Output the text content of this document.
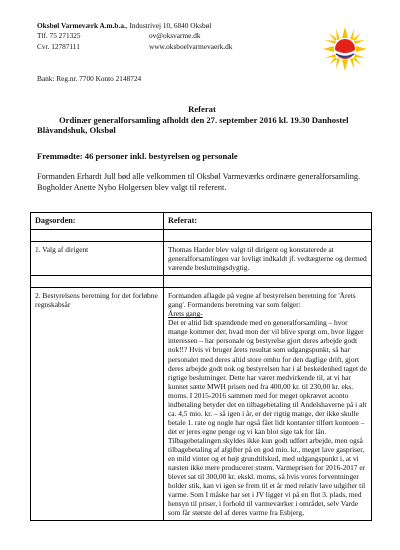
Oksbøl Varmeværk A.m.b.a., Industrivej 10, 6840 Oksbøl
Tlf. 75 271325
Cvr. 12787111
ov@oksvarme.dk
www.oksboelvarmevaerk.dk
Bank: Reg.nr. 7700 Konto 2148724
Referat
Ordinær generalforsamling afholdt den 27. september 2016 kl. 19.30 Danhostel
Blåvandshuk, Oksbøl
Fremmødte: 46 personer inkl. bestyrelsen og personale
Formanden Erhardt Jull bød alle velkommen til Oksbøl Varmeværks ordinære generalforsamling.
Bogholder Anette Nybo Holgersen blev valgt til referent.
Dagsorden:	Referat:

1. Valg af dirigent	Thomas Harder blev valgt til dirigent og konstaterede at generalforsamlingen var lovligt indkaldt jf. vedtægterne og dermed værende beslutningsdygtig.

2. Bestyrelsens beretning for det forløbne regnskabsår	Formanden aflagde på vegne af bestyrelsen beretning for 'Årets gang'. Formandens beretning var som følger:
Årets gang-
Det er altid lidt spændende med en generalforsamling – hvor mange kommer der, hvad mon der vil blive spurgt om, hvor ligger interessen – har personale og bestyrelse gjort deres arbejde godt nok!!? Hvis vi bruger årets resultat som udgangspunkt, så har personalet med deres altid store omhu for den daglige drift, gjort deres arbejde godt nok og bestyrelsen har i al beskedenhed taget de rigtige beslutninger. Dette har været medvirkende til, at vi har kunnet sætte MWH prisen ned fra 400,00 kr. til 230,00 kr. eks. moms. I 2015-2016 sammen med for meget opkrævet aconto indbetaling betyder det en tilbagebetaling til Andelshaverne på i alt ca. 4,5 mio. kr. – så igen i år, er der rigtig mange, der ikke skulle betale 1. rate og nogle har også fået lidt kontanter tilført kontoen – det er jeres egne penge og vi kan blot sige tak for lån. Tilbagebetalingen skyldes ikke kun godt udført arbejde, men også tilbagebetaling af afgifter på en god mio. kr., meget lave gaspriser, en mild vinter og et højt grundtilskud, med udgangspunkt i, at vi næsten ikke mere producerer strøm. Varmeprisen for 2016-2017 er blevet sat til 300,00 kr. ekskl. moms, så hvis vores forventninger holder stik, kan vi igen se frem til et år med relativ lave udgifter til varme. Som I måske har set i JV ligger vi på en flot 3. plads, med hensyn til priser, i forhold til varmeværker i området, selv Varde som får største del af deres varme fra Esbjerg,
